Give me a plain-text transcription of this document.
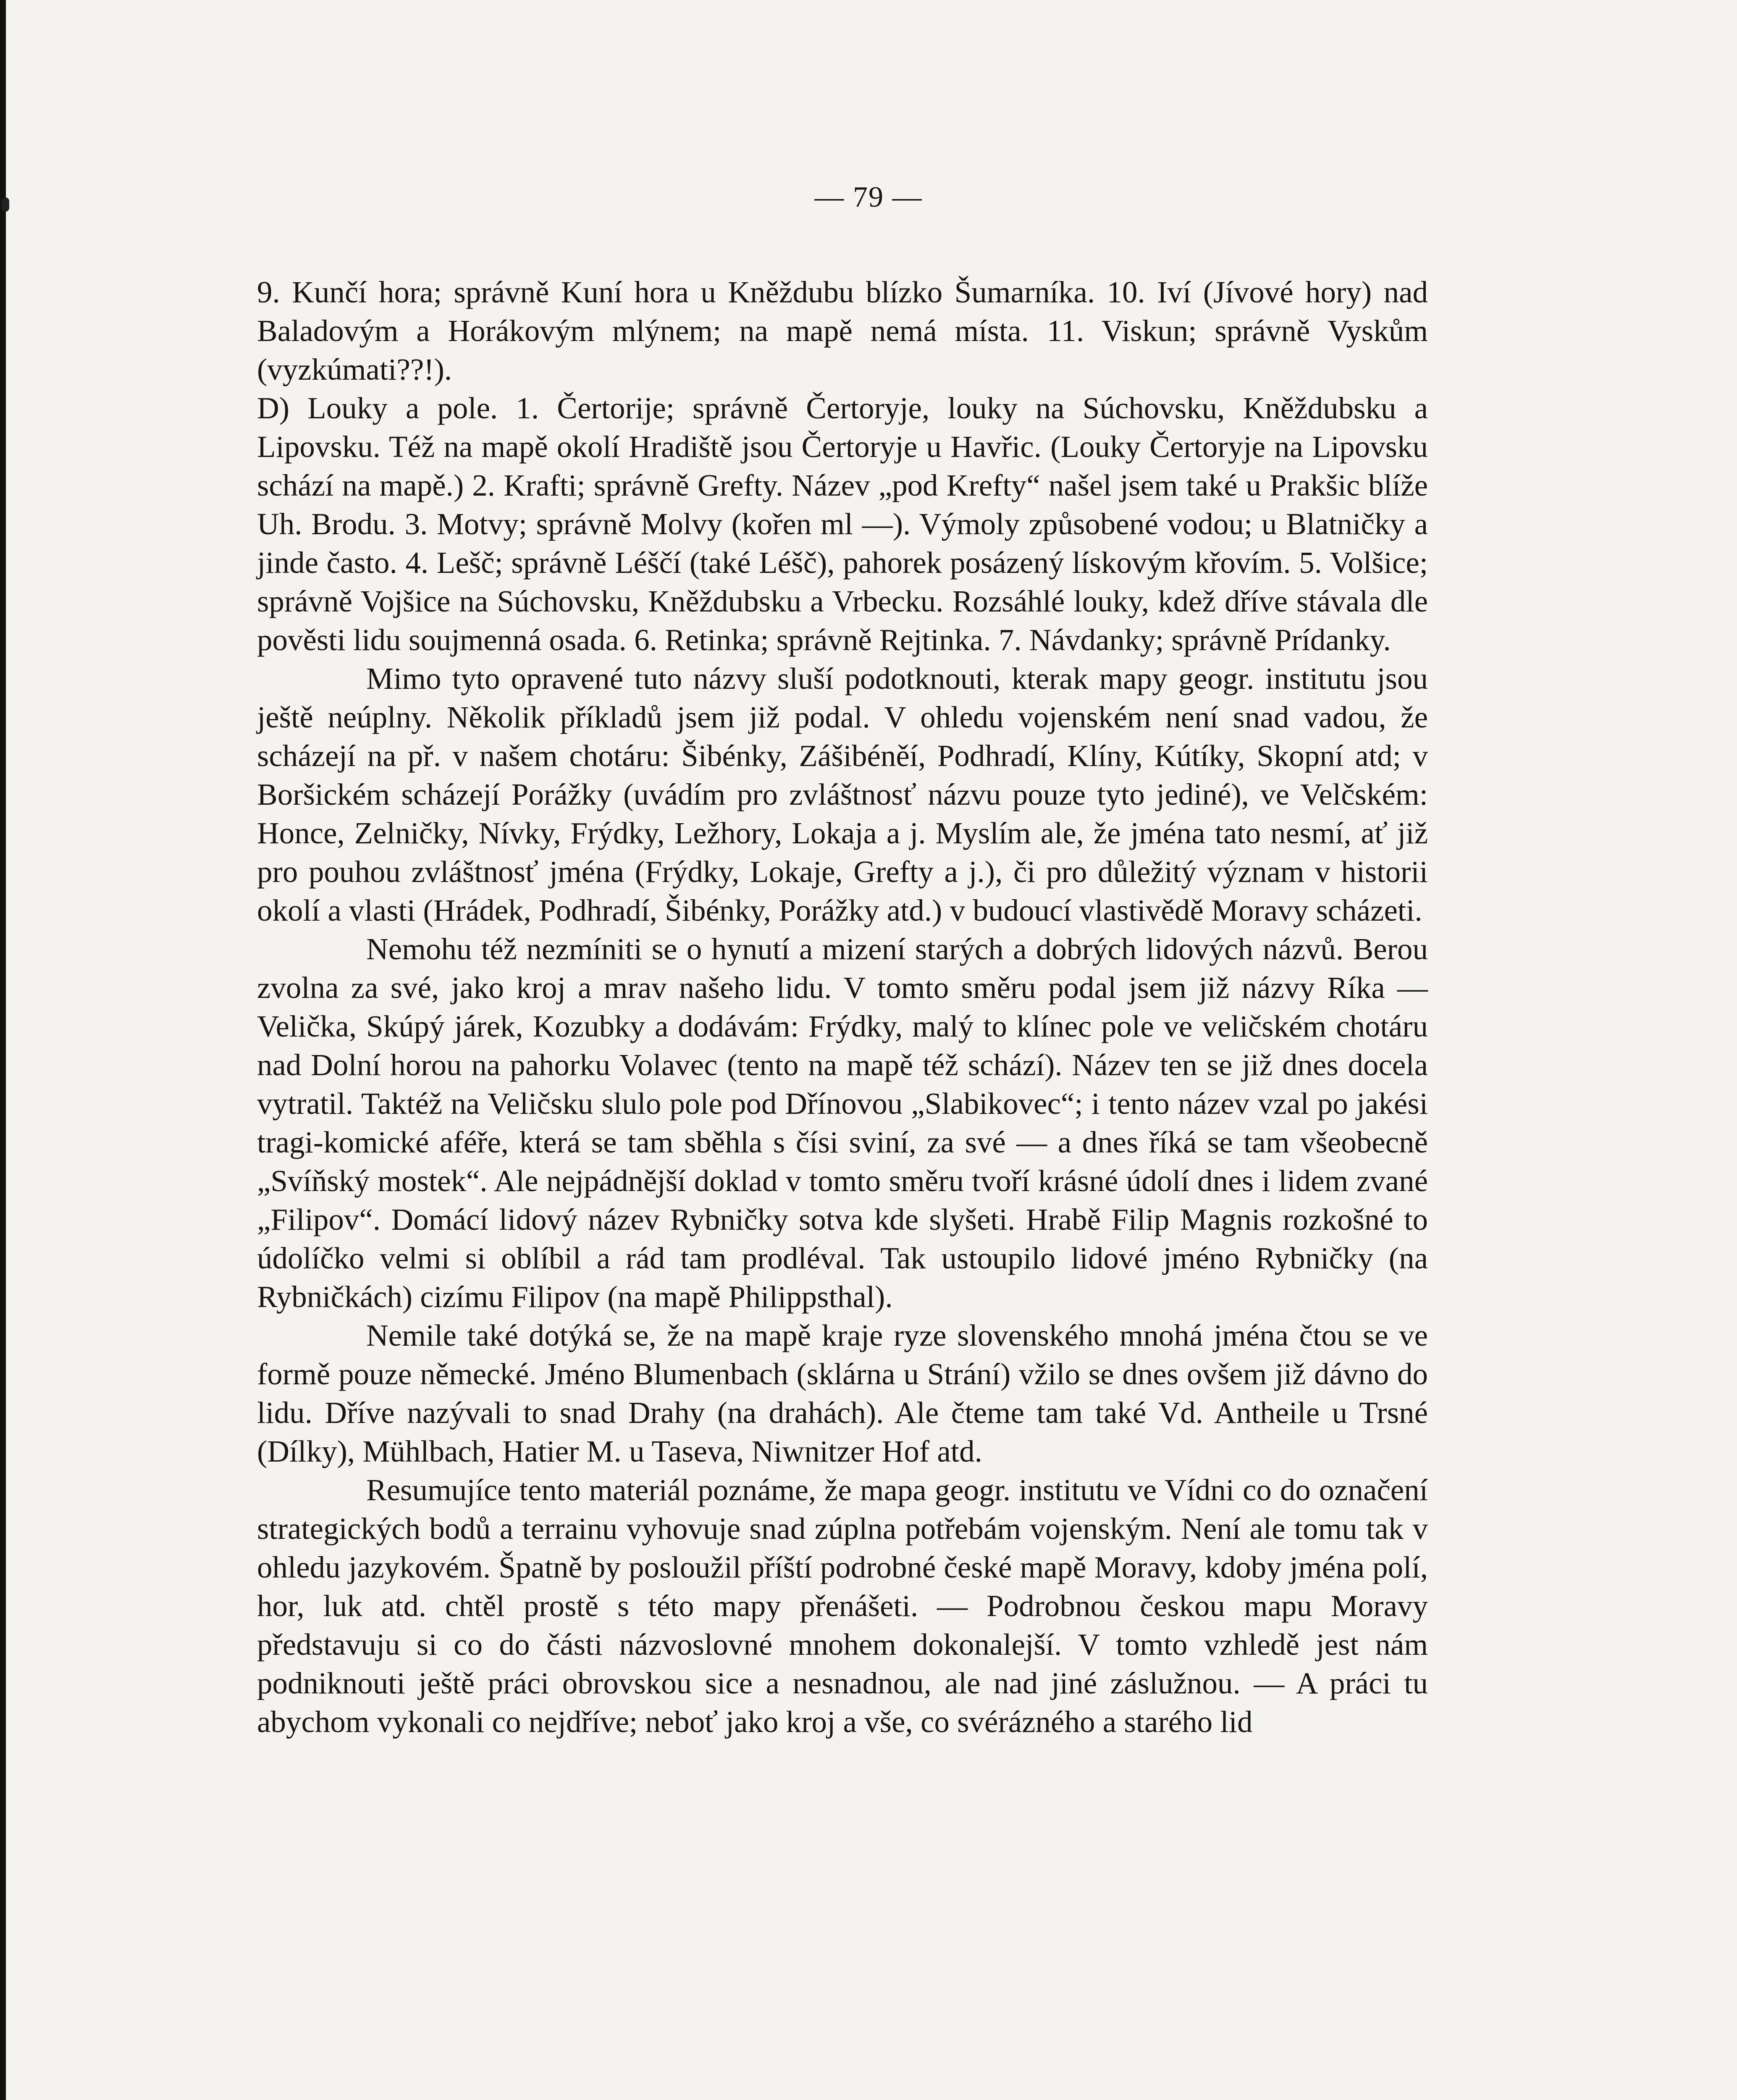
— 79 —

9. Kunčí hora; správně Kuní hora u Kněždubu blízko Šumarníka. 10. Iví (Jívové hory) nad Baladovým a Horákovým mlýnem; na mapě nemá místa. 11. Viskun; správně Vyskům (vyzkúmati??!).

D) Louky a pole. 1. Čertorije; správně Čertoryje, louky na Súchovsku, Kněždubsku a Lipovsku. Též na mapě okolí Hradiště jsou Čertoryje u Havřic. (Louky Čertoryje na Lipovsku schází na mapě.) 2. Krafti; správně Grefty. Název „pod Krefty“ našel jsem také u Prakšic blíže Uh. Brodu. 3. Motvy; správně Molvy (kořen ml —). Výmoly způsobené vodou; u Blatničky a jinde často. 4. Lešč; správně Léščí (také Léšč), pahorek posázený lískovým křovím. 5. Volšice; správně Vojšice na Súchovsku, Kněždubsku a Vrbecku. Rozsáhlé louky, kdež dříve stávala dle pověsti lidu soujmenná osada. 6. Retinka; správně Rejtinka. 7. Návdanky; správně Prídanky.

Mimo tyto opravené tuto názvy sluší podotknouti, kterak mapy geogr. institutu jsou ještě neúplny. Několik příkladů jsem již podal. V ohledu vojenském není snad vadou, že scházejí na př. v našem chotáru: Šibénky, Zášibéněí, Podhradí, Klíny, Kútíky, Skopní atd; v Boršickém scházejí Porážky (uvádím pro zvláštnosť názvu pouze tyto jediné), ve Velčském: Honce, Zelničky, Nívky, Frýdky, Ležhory, Lokaja a j. Myslím ale, že jména tato nesmí, ať již pro pouhou zvláštnosť jména (Frýdky, Lokaje, Grefty a j.), či pro důležitý význam v historii okolí a vlasti (Hrádek, Podhradí, Šibénky, Porážky atd.) v budoucí vlastivědě Moravy scházeti.

Nemohu též nezmíniti se o hynutí a mizení starých a dobrých lidových názvů. Berou zvolna za své, jako kroj a mrav našeho lidu. V tomto směru podal jsem již názvy Ríka — Velička, Skúpý járek, Kozubky a dodávám: Frýdky, malý to klínec pole ve veličském chotáru nad Dolní horou na pahorku Volavec (tento na mapě též schází). Název ten se již dnes docela vytratil. Taktéž na Veličsku slulo pole pod Dřínovou „Slabikovec“; i tento název vzal po jakési tragi-komické aféře, která se tam sběhla s čísi sviní, za své — a dnes říká se tam všeobecně „Svíňský mostek“. Ale nejpádnější doklad v tomto směru tvoří krásné údolí dnes i lidem zvané „Filipov“. Domácí lidový název Rybničky sotva kde slyšeti. Hrabě Filip Magnis rozkošné to údolíčko velmi si oblíbil a rád tam prodléval. Tak ustoupilo lidové jméno Rybničky (na Rybničkách) cizímu Filipov (na mapě Philippsthal).

Nemile také dotýká se, že na mapě kraje ryze slovenského mnohá jména čtou se ve formě pouze německé. Jméno Blumenbach (sklárna u Strání) vžilo se dnes ovšem již dávno do lidu. Dříve nazývali to snad Drahy (na drahách). Ale čteme tam také Vd. Antheile u Trsné (Dílky), Mühlbach, Hatier M. u Taseva, Niwnitzer Hof atd.

Resumujíce tento materiál poznáme, že mapa geogr. institutu ve Vídni co do označení strategických bodů a terrainu vyhovuje snad zúplna potřebám vojenským. Není ale tomu tak v ohledu jazykovém. Špatně by posloužil příští podrobné české mapě Moravy, kdoby jména polí, hor, luk atd. chtěl prostě s této mapy přenášeti. — Podrobnou českou mapu Moravy představuju si co do části názvoslovné mnohem dokonalejší. V tomto vzhledě jest nám podniknouti ještě práci obrovskou sice a nesnadnou, ale nad jiné záslužnou. — A práci tu abychom vykonali co nejdříve; neboť jako kroj a vše, co svérázného a starého lid
